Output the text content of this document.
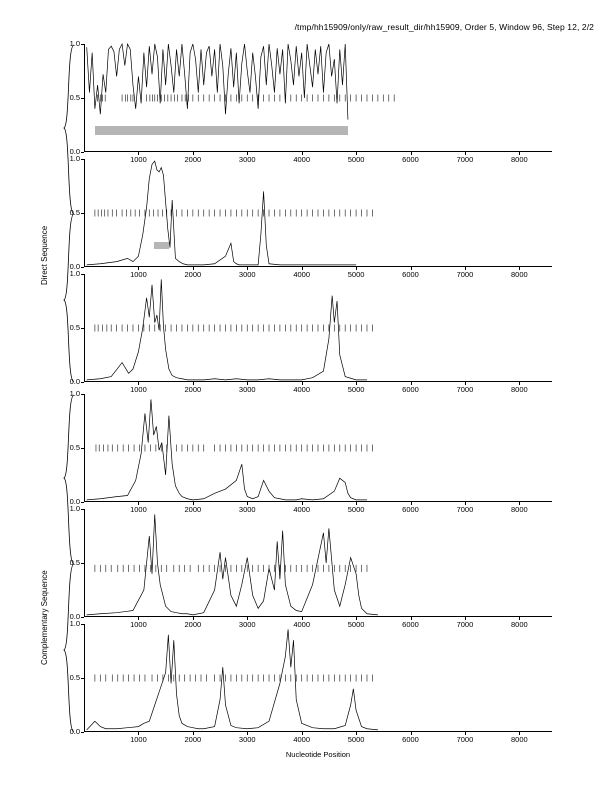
/tmp/hh15909/only/raw_result_dir/hh15909, Order 5, Window 96, Step 12, 2/2
Direct Sequence
Complementary Sequence
Nucleotide Position
0.0
0.5
1.0
1000	2000	3000	4000	5000	6000	7000	8000
0.0
0.5
1.0
1000	2000	3000	4000	5000	6000	7000	8000
0.0
0.5
1.0
1000	2000	3000	4000	5000	6000	7000	8000
0.0
0.5
1.0
1000	2000	3000	4000	5000	6000	7000	8000
0.0
0.5
1.0
1000	2000	3000	4000	5000	6000	7000	8000
0.0
0.5
1.0
1000	2000	3000	4000	5000	6000	7000	8000
